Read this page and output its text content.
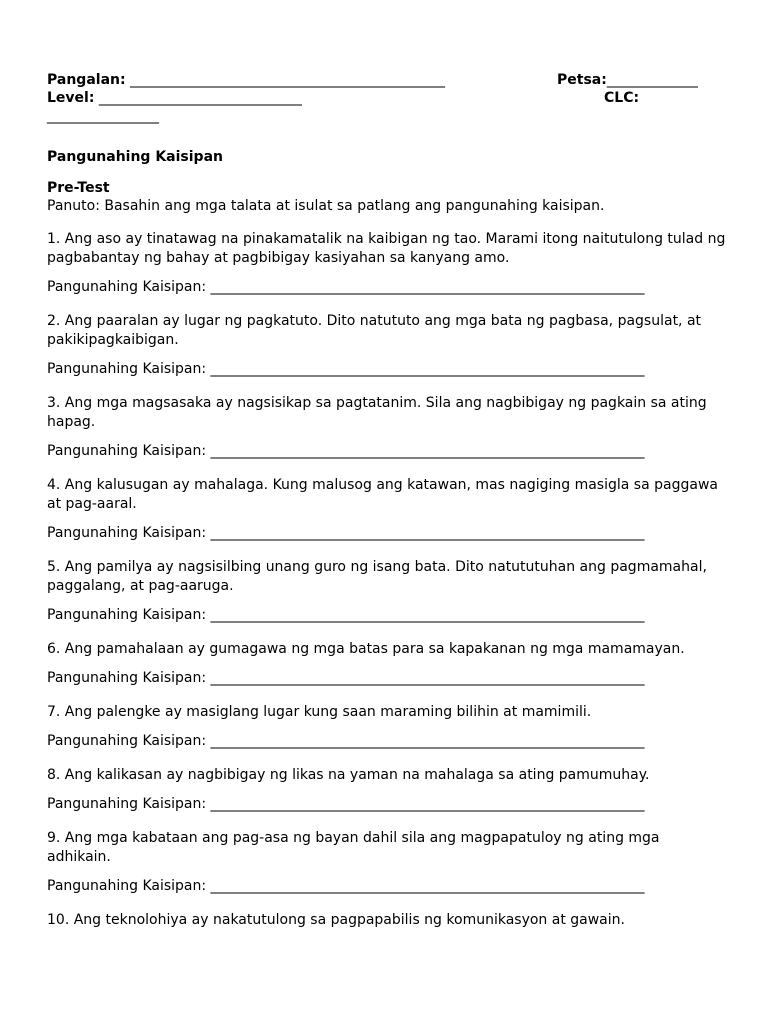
Pangalan: _____________________________________________	Petsa:_____________
Level: _____________________________	CLC:
________________
Pangunahing Kaisipan
Pre-Test
Panuto: Basahin ang mga talata at isulat sa patlang ang pangunahing kaisipan.

1. Ang aso ay tinatawag na pinakamatalik na kaibigan ng tao. Marami itong naitutulong tulad ng pagbabantay ng bahay at pagbibigay kasiyahan sa kanyang amo.

Pangunahing Kaisipan: ______________________________________________________________

2. Ang paaralan ay lugar ng pagkatuto. Dito natututo ang mga bata ng pagbasa, pagsulat, at pakikipagkaibigan.

Pangunahing Kaisipan: ______________________________________________________________

3. Ang mga magsasaka ay nagsisikap sa pagtatanim. Sila ang nagbibigay ng pagkain sa ating hapag.

Pangunahing Kaisipan: ______________________________________________________________

4. Ang kalusugan ay mahalaga. Kung malusog ang katawan, mas nagiging masigla sa paggawa at pag-aaral.

Pangunahing Kaisipan: ______________________________________________________________

5. Ang pamilya ay nagsisilbing unang guro ng isang bata. Dito natututuhan ang pagmamahal, paggalang, at pag-aaruga.

Pangunahing Kaisipan: ______________________________________________________________

6. Ang pamahalaan ay gumagawa ng mga batas para sa kapakanan ng mga mamamayan.

Pangunahing Kaisipan: ______________________________________________________________

7. Ang palengke ay masiglang lugar kung saan maraming bilihin at mamimili.

Pangunahing Kaisipan: ______________________________________________________________

8. Ang kalikasan ay nagbibigay ng likas na yaman na mahalaga sa ating pamumuhay.

Pangunahing Kaisipan: ______________________________________________________________

9. Ang mga kabataan ang pag-asa ng bayan dahil sila ang magpapatuloy ng ating mga adhikain.

Pangunahing Kaisipan: ______________________________________________________________

10. Ang teknolohiya ay nakatutulong sa pagpapabilis ng komunikasyon at gawain.
